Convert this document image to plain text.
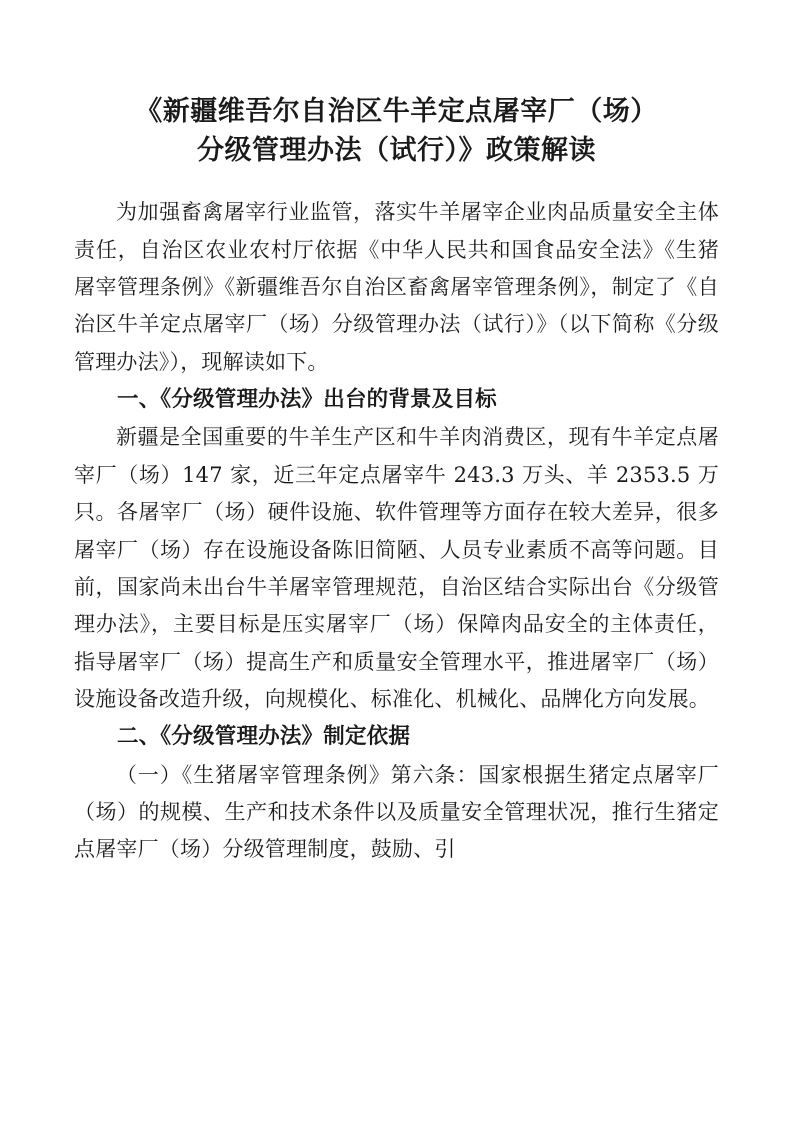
《新疆维吾尔自治区牛羊定点屠宰厂（场）
分级管理办法（试行）》政策解读

为加强畜禽屠宰行业监管，落实牛羊屠宰企业肉品质量安全主体责任，自治区农业农村厅依据《中华人民共和国食品安全法》《生猪屠宰管理条例》《新疆维吾尔自治区畜禽屠宰管理条例》，制定了《自治区牛羊定点屠宰厂（场）分级管理办法（试行）》（以下简称《分级管理办法》），现解读如下。

一、《分级管理办法》出台的背景及目标

新疆是全国重要的牛羊生产区和牛羊肉消费区，现有牛羊定点屠宰厂（场）147 家，近三年定点屠宰牛 243.3 万头、羊 2353.5 万只。各屠宰厂（场）硬件设施、软件管理等方面存在较大差异，很多屠宰厂（场）存在设施设备陈旧简陋、人员专业素质不高等问题。目前，国家尚未出台牛羊屠宰管理规范，自治区结合实际出台《分级管理办法》，主要目标是压实屠宰厂（场）保障肉品安全的主体责任，指导屠宰厂（场）提高生产和质量安全管理水平，推进屠宰厂（场）设施设备改造升级，向规模化、标准化、机械化、品牌化方向发展。

二、《分级管理办法》制定依据

（一）《生猪屠宰管理条例》第六条：国家根据生猪定点屠宰厂（场）的规模、生产和技术条件以及质量安全管理状况，推行生猪定点屠宰厂（场）分级管理制度，鼓励、引
